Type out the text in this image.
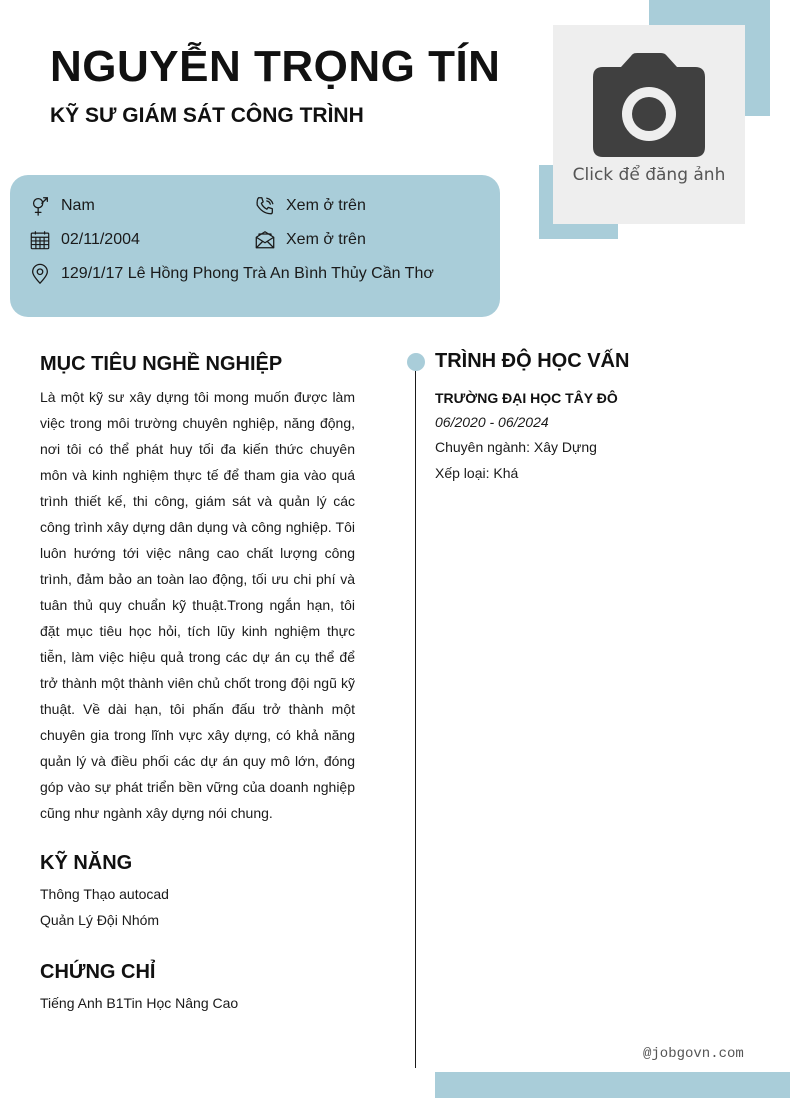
Click để đăng ảnh
NGUYỄN TRỌNG TÍN
KỸ SƯ GIÁM SÁT CÔNG TRÌNH
Nam	Xem ở trên
02/11/2004	Xem ở trên
129/1/17 Lê Hồng Phong Trà An Bình Thủy Cần Thơ
MỤC TIÊU NGHỀ NGHIỆP
Là một kỹ sư xây dựng tôi mong muốn được làm việc trong môi trường chuyên nghiệp, năng động, nơi tôi có thể phát huy tối đa kiến thức chuyên môn và kinh nghiệm thực tế để tham gia vào quá trình thiết kế, thi công, giám sát và quản lý các công trình xây dựng dân dụng và công nghiệp. Tôi luôn hướng tới việc nâng cao chất lượng công trình, đảm bảo an toàn lao động, tối ưu chi phí và tuân thủ quy chuẩn kỹ thuật.Trong ngắn hạn, tôi đặt mục tiêu học hỏi, tích lũy kinh nghiệm thực tiễn, làm việc hiệu quả trong các dự án cụ thể để trở thành một thành viên chủ chốt trong đội ngũ kỹ thuật. Về dài hạn, tôi phấn đấu trở thành một chuyên gia trong lĩnh vực xây dựng, có khả năng quản lý và điều phối các dự án quy mô lớn, đóng góp vào sự phát triển bền vững của doanh nghiệp cũng như ngành xây dựng nói chung.
KỸ NĂNG
Thông Thạo autocad
Quản Lý Đội Nhóm
CHỨNG CHỈ
Tiếng Anh B1Tin Học Nâng Cao
TRÌNH ĐỘ HỌC VẤN
TRƯỜNG ĐẠI HỌC TÂY ĐÔ
06/2020 - 06/2024
Chuyên ngành: Xây Dựng
Xếp loại: Khá
@jobgovn.com
